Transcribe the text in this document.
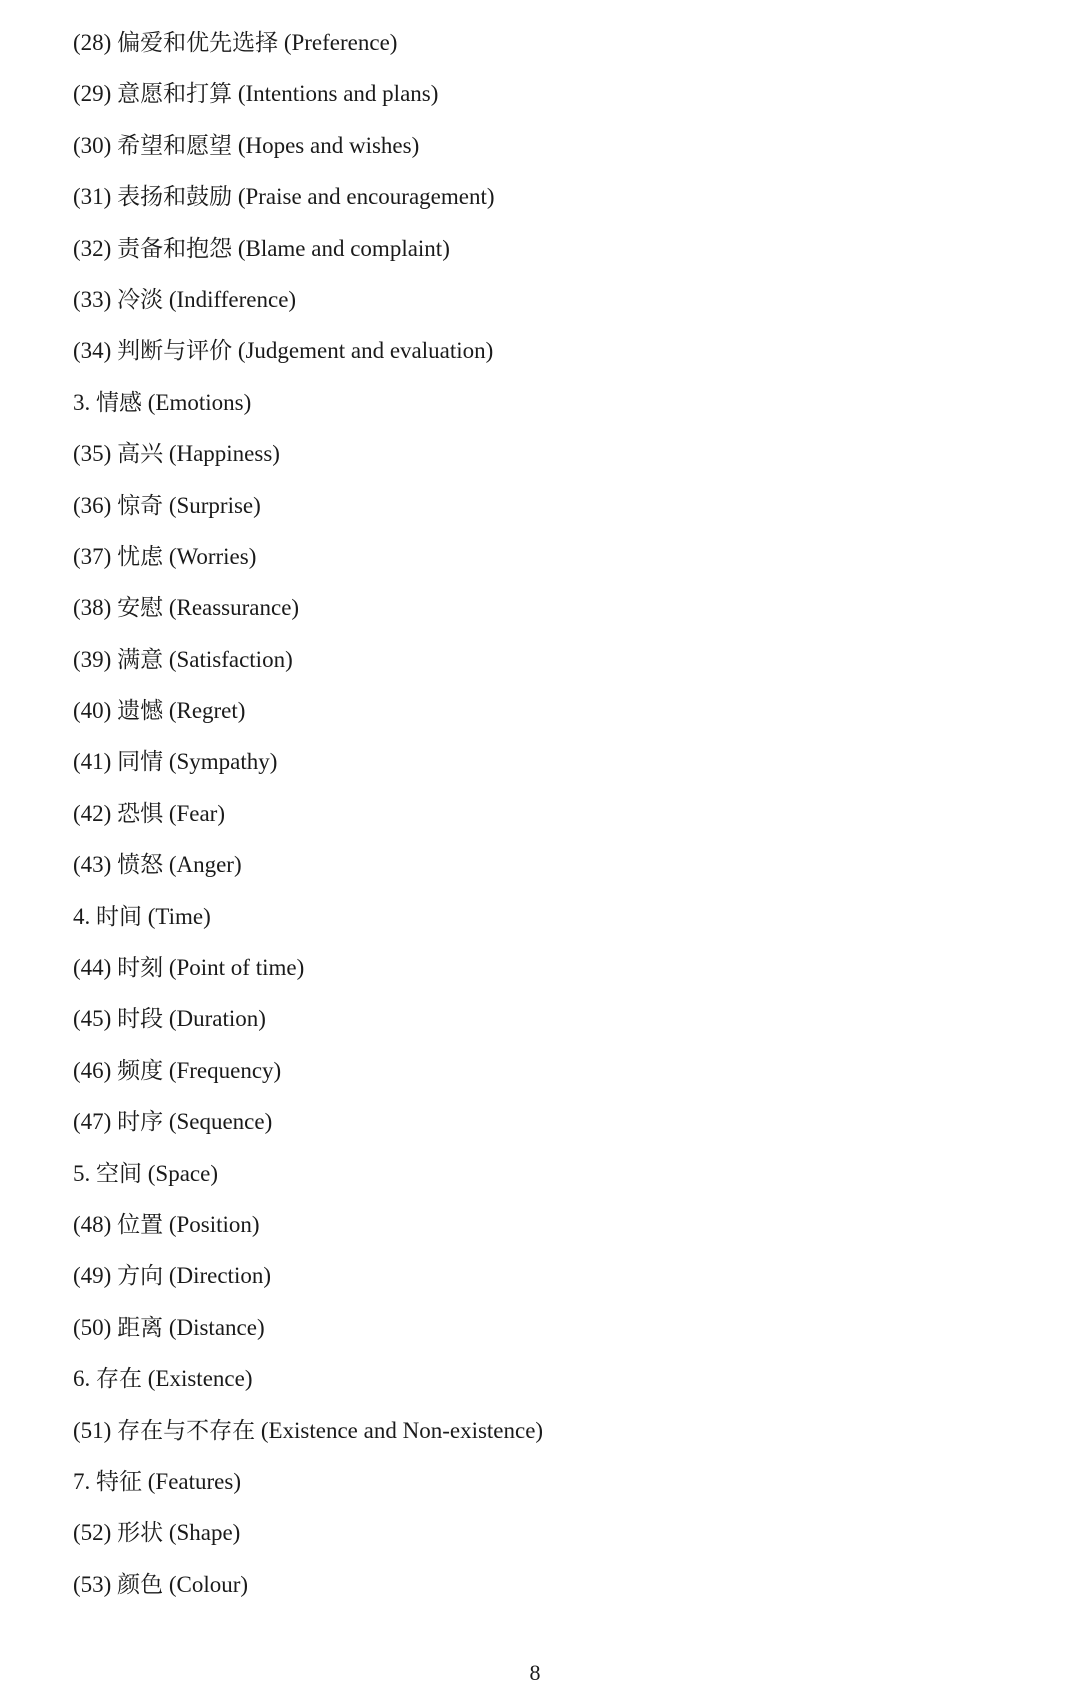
(28) 偏爱和优先选择 (Preference)
(29) 意愿和打算 (Intentions and plans)
(30) 希望和愿望 (Hopes and wishes)
(31) 表扬和鼓励 (Praise and encouragement)
(32) 责备和抱怨 (Blame and complaint)
(33) 冷淡 (Indifference)
(34) 判断与评价 (Judgement and evaluation)
3. 情感 (Emotions)
(35) 高兴 (Happiness)
(36) 惊奇 (Surprise)
(37) 忧虑 (Worries)
(38) 安慰 (Reassurance)
(39) 满意 (Satisfaction)
(40) 遗憾 (Regret)
(41) 同情 (Sympathy)
(42) 恐惧 (Fear)
(43) 愤怒 (Anger)
4. 时间 (Time)
(44) 时刻 (Point of time)
(45) 时段 (Duration)
(46) 频度 (Frequency)
(47) 时序 (Sequence)
5. 空间 (Space)
(48) 位置 (Position)
(49) 方向 (Direction)
(50) 距离 (Distance)
6. 存在 (Existence)
(51) 存在与不存在 (Existence and Non-existence)
7. 特征 (Features)
(52) 形状 (Shape)
(53) 颜色 (Colour)
8
